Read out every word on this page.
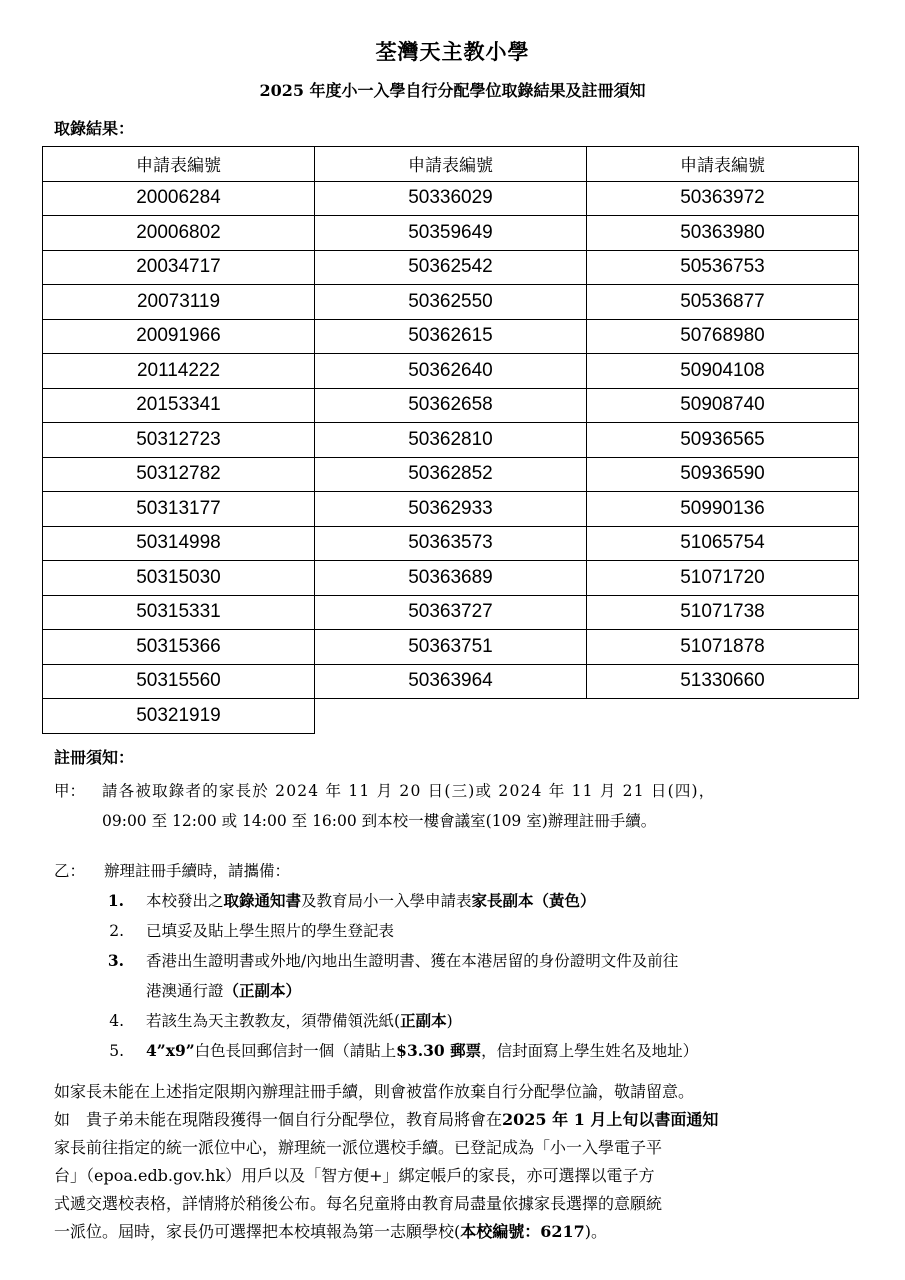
荃灣天主教小學
2025 年度小一入學自行分配學位取錄結果及註冊須知
取錄結果：
申請表編號	申請表編號	申請表編號
20006284	50336029	50363972
20006802	50359649	50363980
20034717	50362542	50536753
20073119	50362550	50536877
20091966	50362615	50768980
20114222	50362640	50904108
20153341	50362658	50908740
50312723	50362810	50936565
50312782	50362852	50936590
50313177	50362933	50990136
50314998	50363573	51065754
50315030	50363689	51071720
50315331	50363727	51071738
50315366	50363751	51071878
50315560	50363964	51330660
50321919		
註冊須知：
甲： 請各被取錄者的家長於 2024 年 11 月 20 日(三)或 2024 年 11 月 21 日(四)，
09:00 至 12:00 或 14:00 至 16:00 到本校一樓會議室(109 室)辦理註冊手續。
乙： 辦理註冊手續時，請攜備：
1. 本校發出之取錄通知書及教育局小一入學申請表家長副本（黃色）
2. 已填妥及貼上學生照片的學生登記表
3. 香港出生證明書或外地/內地出生證明書、獲在本港居留的身份證明文件及前往
港澳通行證（正副本）
4. 若該生為天主教教友，須帶備領洗紙(正副本)
5. 4”x9”白色長回郵信封一個（請貼上$3.30 郵票，信封面寫上學生姓名及地址）
如家長未能在上述指定限期內辦理註冊手續，則會被當作放棄自行分配學位論，敬請留意。
如　貴子弟未能在現階段獲得一個自行分配學位，教育局將會在2025 年 1 月上旬以書面通知
家長前往指定的統一派位中心，辦理統一派位選校手續。已登記成為「小一入學電子平
台」（epoa.edb.gov.hk）用戶以及「智方便+」綁定帳戶的家長，亦可選擇以電子方
式遞交選校表格，詳情將於稍後公布。每名兒童將由教育局盡量依據家長選擇的意願統
一派位。屆時，家長仍可選擇把本校填報為第一志願學校(本校編號：6217)。
